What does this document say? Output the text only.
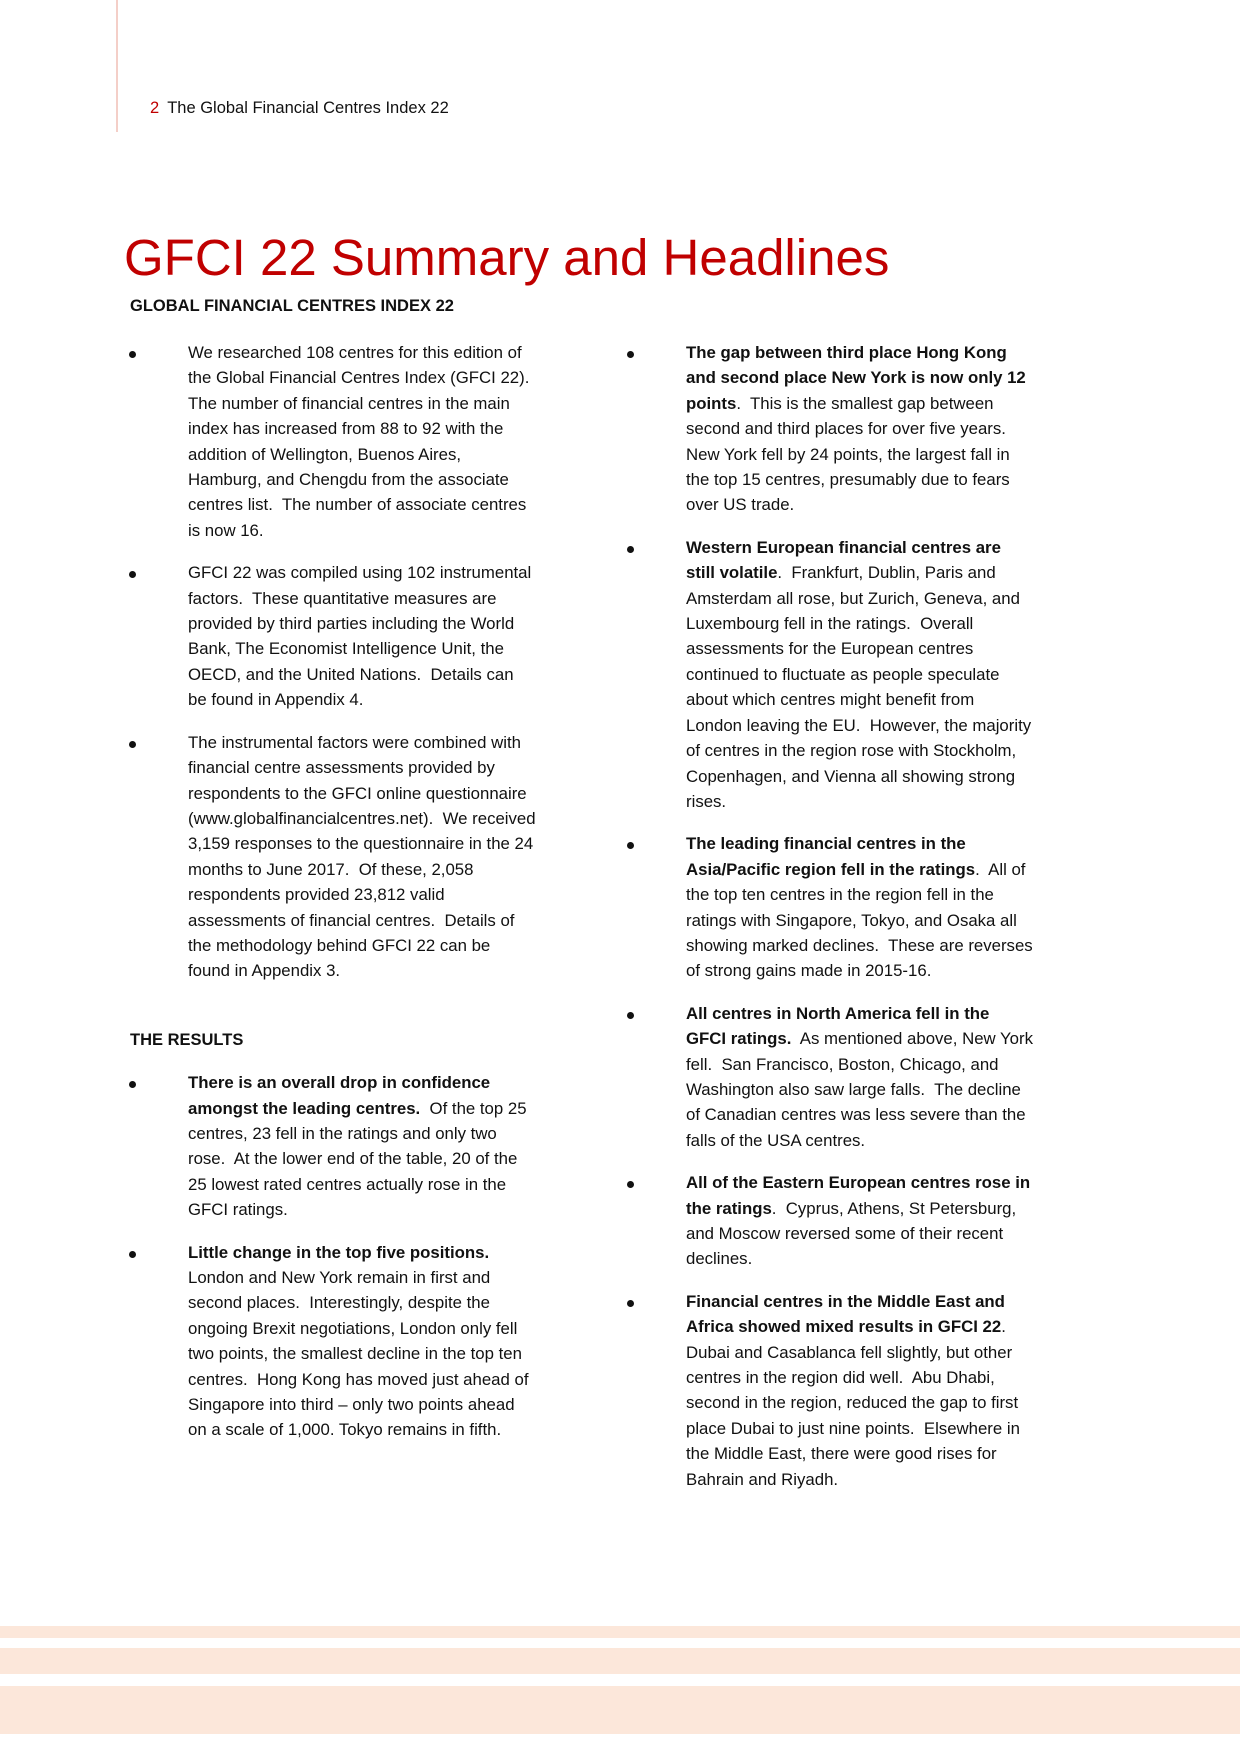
2 The Global Financial Centres Index 22
GFCI 22 Summary and Headlines
GLOBAL FINANCIAL CENTRES INDEX 22

We researched 108 centres for this edition of the Global Financial Centres Index (GFCI 22).  The number of financial centres in the main index has increased from 88 to 92 with the addition of Wellington, Buenos Aires, Hamburg, and Chengdu from the associate centres list.  The number of associate centres is now 16.

GFCI 22 was compiled using 102 instrumental factors.  These quantitative measures are provided by third parties including the World Bank, The Economist Intelligence Unit, the OECD, and the United Nations.  Details can be found in Appendix 4.

The instrumental factors were combined with financial centre assessments provided by respondents to the GFCI online questionnaire (www.globalfinancialcentres.net).  We received 3,159 responses to the questionnaire in the 24 months to June 2017.  Of these, 2,058 respondents provided 23,812 valid assessments of financial centres.  Details of the methodology behind GFCI 22 can be found in Appendix 3.

THE RESULTS

There is an overall drop in confidence amongst the leading centres.  Of the top 25 centres, 23 fell in the ratings and only two rose.  At the lower end of the table, 20 of the 25 lowest rated centres actually rose in the GFCI ratings.

Little change in the top five positions. London and New York remain in first and second places.  Interestingly, despite the ongoing Brexit negotiations, London only fell two points, the smallest decline in the top ten centres.  Hong Kong has moved just ahead of Singapore into third – only two points ahead on a scale of 1,000. Tokyo remains in fifth.

The gap between third place Hong Kong and second place New York is now only 12 points.  This is the smallest gap between second and third places for over five years.  New York fell by 24 points, the largest fall in the top 15 centres, presumably due to fears over US trade.

Western European financial centres are still volatile.  Frankfurt, Dublin, Paris and Amsterdam all rose, but Zurich, Geneva, and Luxembourg fell in the ratings.  Overall assessments for the European centres continued to fluctuate as people speculate about which centres might benefit from London leaving the EU.  However, the majority of centres in the region rose with Stockholm, Copenhagen, and Vienna all showing strong rises.

The leading financial centres in the Asia/Pacific region fell in the ratings.  All of the top ten centres in the region fell in the ratings with Singapore, Tokyo, and Osaka all showing marked declines.  These are reverses of strong gains made in 2015-16.

All centres in North America fell in the GFCI ratings.  As mentioned above, New York fell.  San Francisco, Boston, Chicago, and Washington also saw large falls.  The decline of Canadian centres was less severe than the falls of the USA centres.

All of the Eastern European centres rose in the ratings.  Cyprus, Athens, St Petersburg, and Moscow reversed some of their recent declines.

Financial centres in the Middle East and Africa showed mixed results in GFCI 22.  Dubai and Casablanca fell slightly, but other centres in the region did well.  Abu Dhabi, second in the region, reduced the gap to first place Dubai to just nine points.  Elsewhere in the Middle East, there were good rises for Bahrain and Riyadh.
